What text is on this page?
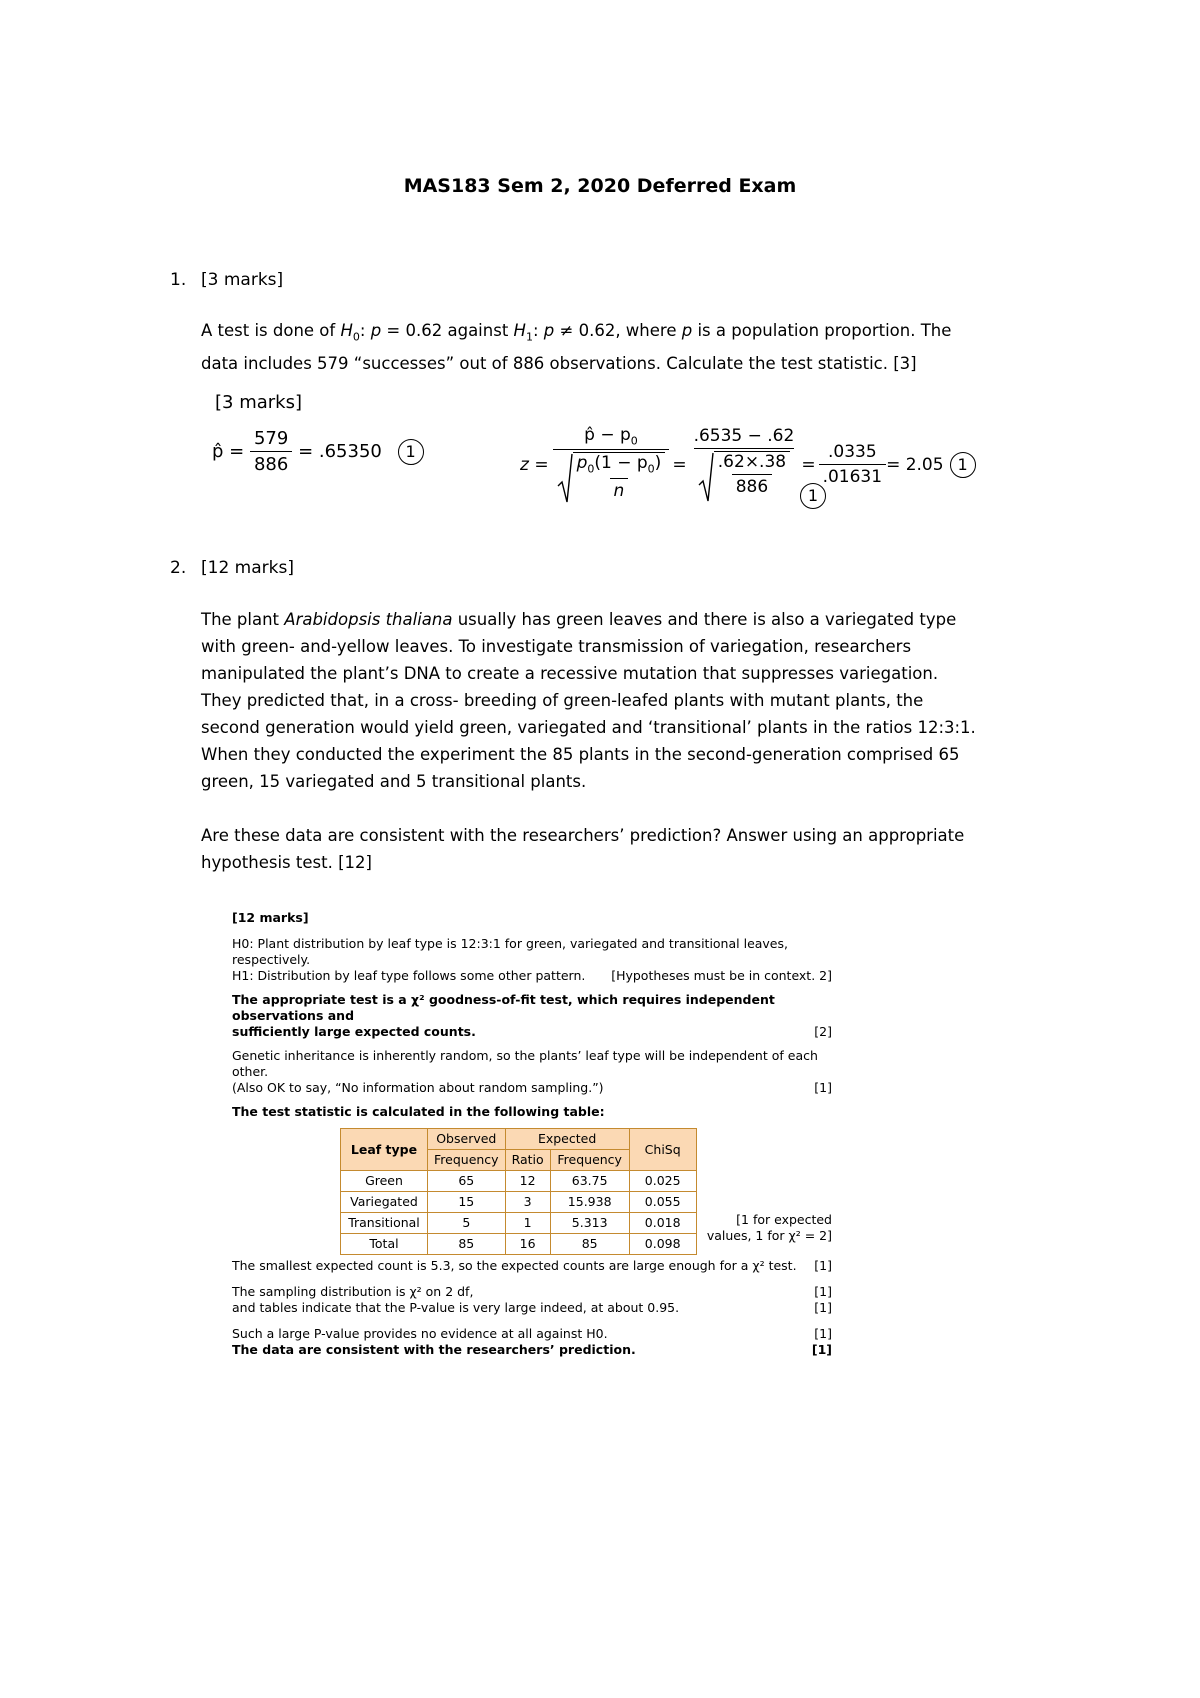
MAS183 Sem 2, 2020 Deferred Exam
1. [3 marks]
A test is done of $H_0$: p = 0.62 against $H_1$: p ≠ 0.62, where p is a population proportion. The
data includes 579 “successes” out of 886 observations. Calculate the test statistic. [3]
[3 marks]
p̂ = $\frac{579}{886} = .65350$ 1
$z = \frac{p̂ - p_0}{\frac{p_0(1 - p_0)}{n}} = \frac{.6535 - .62}{\frac{.62\times.38}{886}} = \frac{.0335}{.01631} = 2.05$ 1
1
2. [12 marks]
The plant Arabidopsis thaliana usually has green leaves and there is also a variegated type
with green- and-yellow leaves. To investigate transmission of variegation, researchers
manipulated the plant’s DNA to create a recessive mutation that suppresses variegation.
They predicted that, in a cross- breeding of green-leafed plants with mutant plants, the
second generation would yield green, variegated and ‘transitional’ plants in the ratios 12:3:1.
When they conducted the experiment the 85 plants in the second-generation comprised 65
green, 15 variegated and 5 transitional plants.
Are these data are consistent with the researchers’ prediction? Answer using an appropriate
hypothesis test. [12]
[12 marks]
H0: Plant distribution by leaf type is 12:3:1 for green, variegated and transitional leaves, respectively.
H1: Distribution by leaf type follows some other pattern. [Hypotheses must be in context. 2]
The appropriate test is a χ² goodness-of-fit test, which requires independent observations and
sufficiently large expected counts.	[2]
Genetic inheritance is inherently random, so the plants’ leaf type will be independent of each other.
(Also OK to say, “No information about random sampling.”)	[1]
The test statistic is calculated in the following table:
Leaf type	Observed	Expected		ChiSq
	Frequency	Ratio	Frequency	
Green	65	12	63.75	0.025
Variegated	15	3	15.938	0.055
Transitional	5	1	5.313	0.018
Total	85	16	85	0.098
[1 for expected
values, 1 for χ² = 2]
The smallest expected count is 5.3, so the expected counts are large enough for a χ² test. [1]
The sampling distribution is χ² on 2 df,	[1]
and tables indicate that the P-value is very large indeed, at about 0.95.	[1]
Such a large P-value provides no evidence at all against H0.	[1]
The data are consistent with the researchers’ prediction.	[1]
